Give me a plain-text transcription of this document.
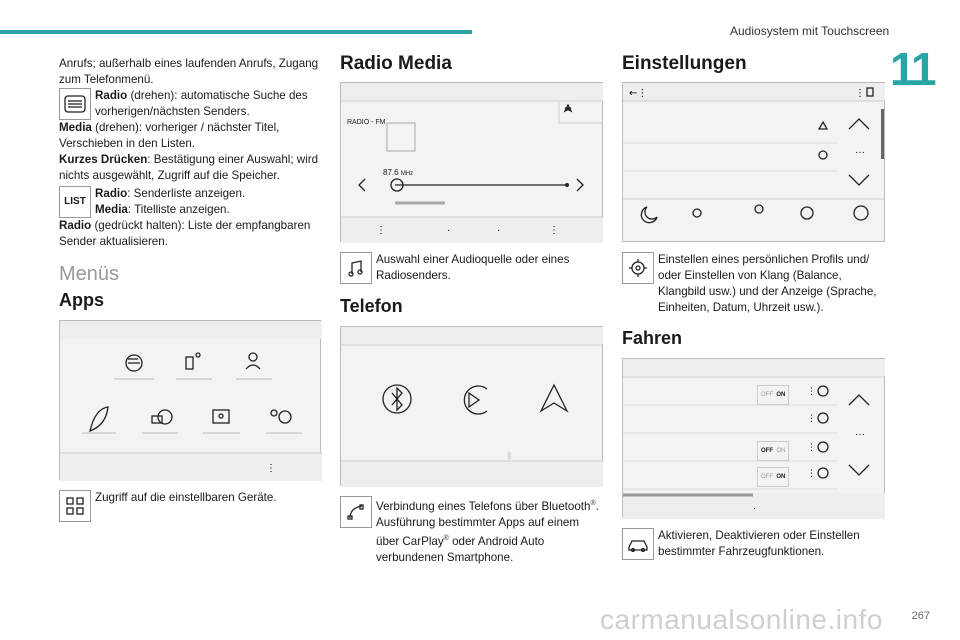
Audiosystem mit Touchscreen
11

Anrufs; außerhalb eines laufenden Anrufs, Zugang zum Telefonmenü.

Radio (drehen): automatische Suche des vorherigen/nächsten Senders.

Media (drehen): vorheriger / nächster Titel, Verschieben in den Listen.

Kurzes Drücken: Bestätigung einer Auswahl; wird nichts ausgewählt, Zugriff auf die Speicher.

LIST

Radio: Senderliste anzeigen.

Media: Titelliste anzeigen.

Radio (gedrückt halten): Liste der empfangbaren Sender aktualisieren.

Menüs
Apps
⋮

Zugriff auf die einstellbaren Geräte.

Radio Media
⋮	·	·	⋮
RADIO - FM
87.6 MHz

Auswahl einer Audioquelle oder eines Radiosenders.

Telefon
ᛒ

Verbindung eines Telefons über Bluetooth®. Ausführung bestimmter Apps auf einem über CarPlay® oder Android Auto verbundenen Smartphone.

Einstellungen
←⋮	⋮
···

Einstellen eines persönlichen Profils und/ oder Einstellen von Klang (Balance, Klangbild usw.) und der Anzeige (Sprache, Einheiten, Datum, Uhrzeit usw.).

Fahren
⋮
⋮
⋮
⋮
···
·
OFF ON
OFF ON
OFF ON

Aktivieren, Deaktivieren oder Einstellen bestimmter Fahrzeugfunktionen.

carmanualsonline.info	267
